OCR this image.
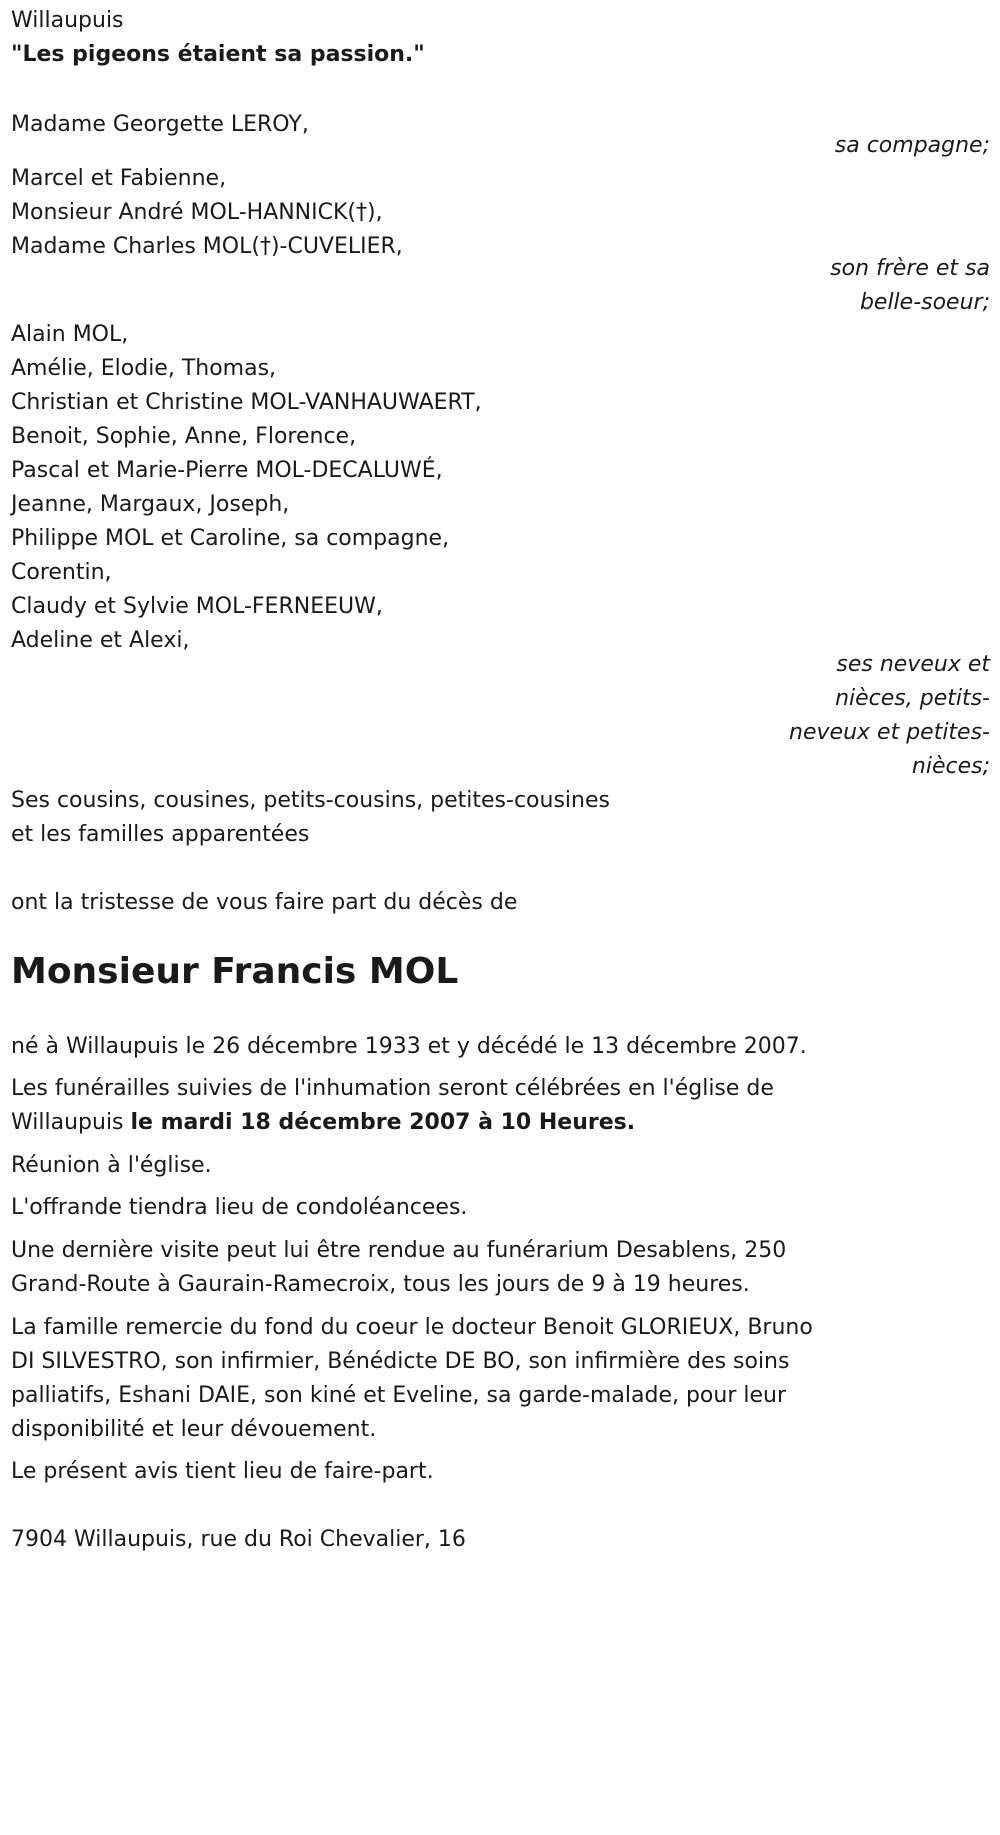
Willaupuis
"Les pigeons étaient sa passion."
Madame Georgette LEROY,
sa compagne;
Marcel et Fabienne,
Monsieur André MOL-HANNICK(†),
Madame Charles MOL(†)-CUVELIER,
son frère et sa
belle-soeur;
Alain MOL,
Amélie, Elodie, Thomas,
Christian et Christine MOL-VANHAUWAERT,
Benoit, Sophie, Anne, Florence,
Pascal et Marie-Pierre MOL-DECALUWÉ,
Jeanne, Margaux, Joseph,
Philippe MOL et Caroline, sa compagne,
Corentin,
Claudy et Sylvie MOL-FERNEEUW,
Adeline et Alexi,
ses neveux et
nièces, petits-
neveux et petites-
nièces;
Ses cousins, cousines, petits-cousins, petites-cousines
et les familles apparentées
ont la tristesse de vous faire part du décès de
Monsieur Francis MOL
né à Willaupuis le 26 décembre 1933 et y décédé le 13 décembre 2007.
Les funérailles suivies de l'inhumation seront célébrées en l'église de
Willaupuis le mardi 18 décembre 2007 à 10 Heures.
Réunion à l'église.
L'offrande tiendra lieu de condoléancees.
Une dernière visite peut lui être rendue au funérarium Desablens, 250
Grand-Route à Gaurain-Ramecroix, tous les jours de 9 à 19 heures.
La famille remercie du fond du coeur le docteur Benoit GLORIEUX, Bruno
DI SILVESTRO, son infirmier, Bénédicte DE BO, son infirmière des soins
palliatifs, Eshani DAIE, son kiné et Eveline, sa garde-malade, pour leur
disponibilité et leur dévouement.
Le présent avis tient lieu de faire-part.
7904 Willaupuis, rue du Roi Chevalier, 16
